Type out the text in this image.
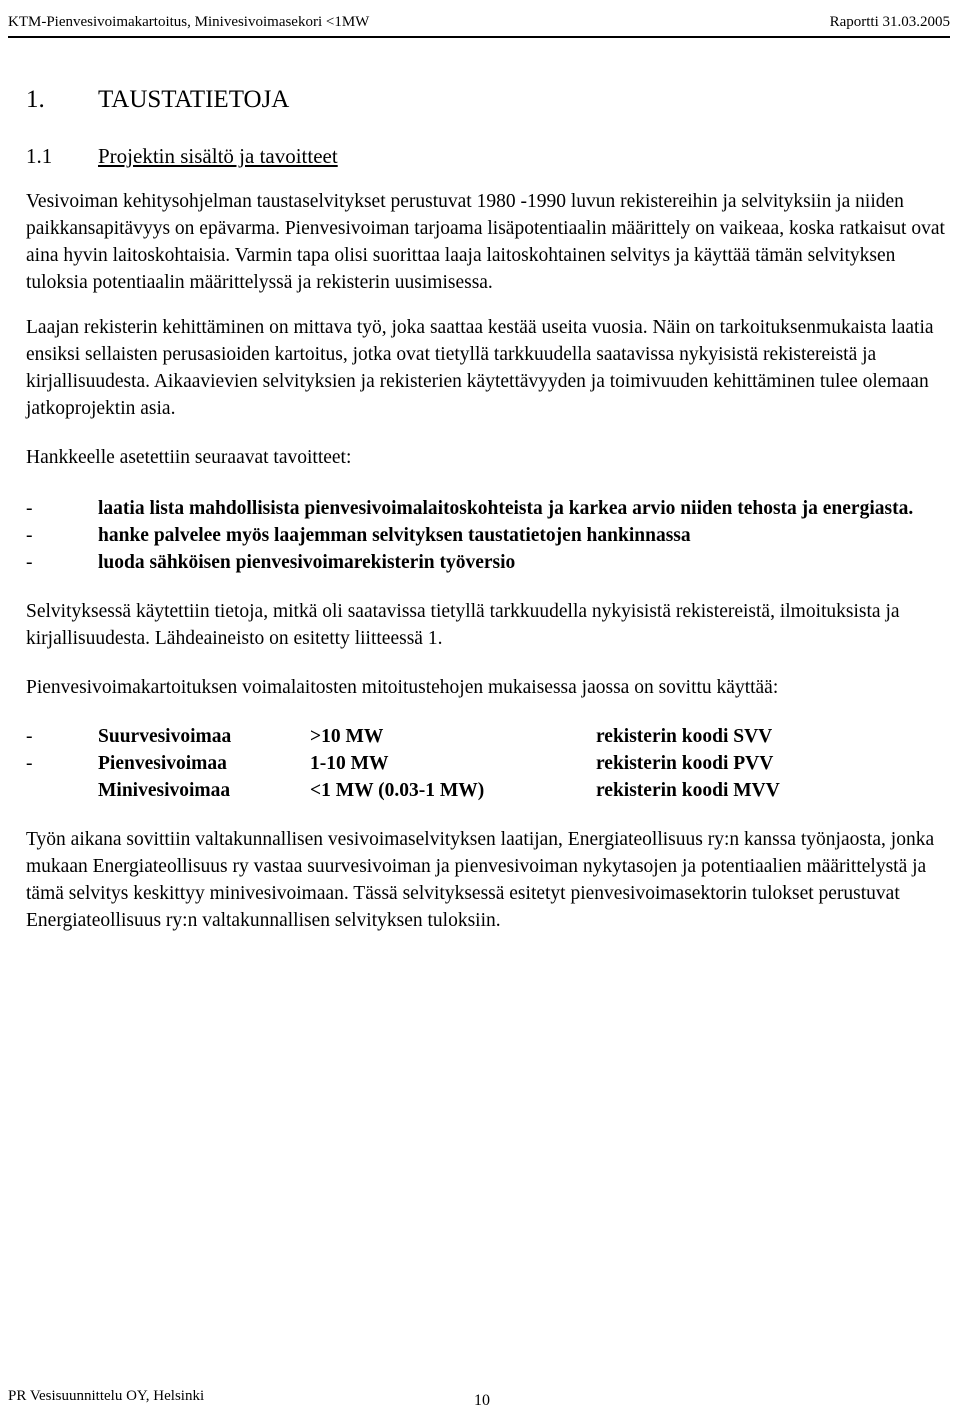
KTM-Pienvesivoimakartoitus, Minivesivoimasekori <1MW	Raportti 31.03.2005
1. TAUSTATIETOJA
1.1 Projektin sisältö ja tavoitteet

Vesivoiman kehitysohjelman taustaselvitykset perustuvat 1980 -1990 luvun rekistereihin ja selvityksiin ja niiden paikkansapitävyys on epävarma. Pienvesivoiman tarjoama lisäpotentiaalin määrittely on vaikeaa, koska ratkaisut ovat aina hyvin laitoskohtaisia. Varmin tapa olisi suorittaa laaja laitoskohtainen selvitys ja käyttää tämän selvityksen tuloksia potentiaalin määrittelyssä ja rekisterin uusimisessa.

Laajan rekisterin kehittäminen on mittava työ, joka saattaa kestää useita vuosia. Näin on tarkoituksenmukaista laatia ensiksi sellaisten perusasioiden kartoitus, jotka ovat tietyllä tarkkuudella saatavissa nykyisistä rekistereistä ja kirjallisuudesta. Aikaavievien selvityksien ja rekisterien käytettävyyden ja toimivuuden kehittäminen tulee olemaan jatkoprojektin asia.

Hankkeelle asetettiin seuraavat tavoitteet:

-	laatia lista mahdollisista pienvesivoimalaitoskohteista ja karkea arvio niiden tehosta ja energiasta.
-	hanke palvelee myös laajemman selvityksen taustatietojen hankinnassa
-	luoda sähköisen pienvesivoimarekisterin työversio

Selvityksessä käytettiin tietoja, mitkä oli saatavissa tietyllä tarkkuudella nykyisistä rekistereistä, ilmoituksista ja kirjallisuudesta. Lähdeaineisto on esitetty liitteessä 1.

Pienvesivoimakartoituksen voimalaitosten mitoitustehojen mukaisessa jaossa on sovittu käyttää:

-	Suurvesivoimaa	>10 MW	rekisterin koodi SVV
-	Pienvesivoimaa	1-10 MW	rekisterin koodi PVV
Minivesivoimaa	<1 MW (0.03-1 MW)	rekisterin koodi MVV

Työn aikana sovittiin valtakunnallisen vesivoimaselvityksen laatijan, Energiateollisuus ry:n kanssa työnjaosta, jonka mukaan Energiateollisuus ry vastaa suurvesivoiman ja pienvesivoiman nykytasojen ja potentiaalien määrittelystä ja tämä selvitys keskittyy minivesivoimaan. Tässä selvityksessä esitetyt pienvesivoimasektorin tulokset perustuvat Energiateollisuus ry:n valtakunnallisen selvityksen tuloksiin.

PR Vesisuunnittelu OY, Helsinki	10
